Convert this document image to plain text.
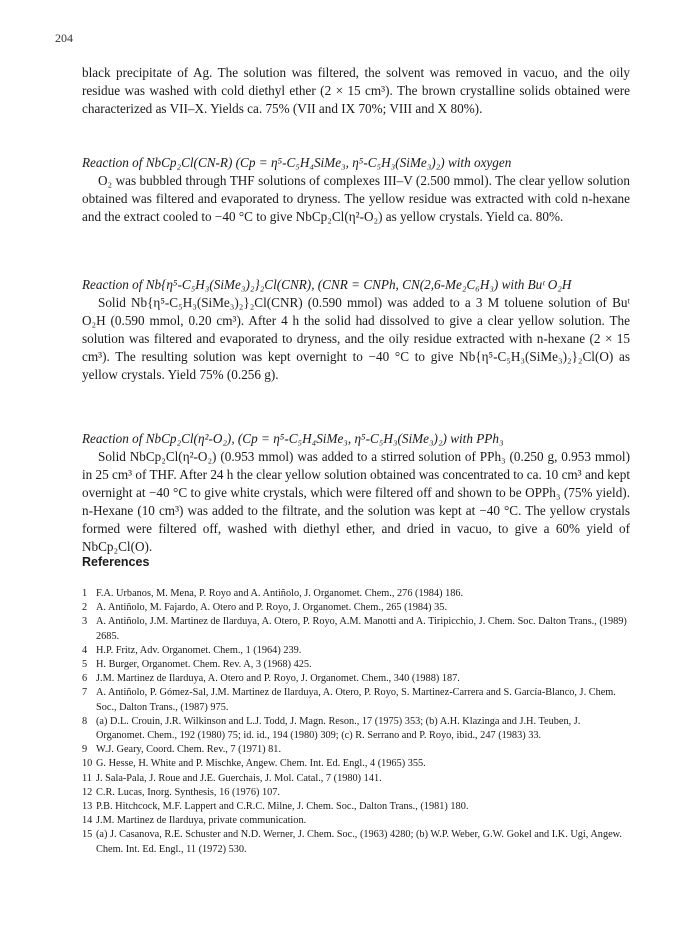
204

black precipitate of Ag. The solution was filtered, the solvent was removed in vacuo, and the oily residue was washed with cold diethyl ether (2 × 15 cm³). The brown crystalline solids obtained were characterized as VII–X. Yields ca. 75% (VII and IX 70%; VIII and X 80%).

Reaction of NbCp₂Cl(CN-R) (Cp = η⁵-C₅H₄SiMe₃, η⁵-C₅H₃(SiMe₃)₂) with oxygen

O₂ was bubbled through THF solutions of complexes III–V (2.500 mmol). The clear yellow solution obtained was filtered and evaporated to dryness. The yellow residue was extracted with cold n-hexane and the extract cooled to −40 °C to give NbCp₂Cl(η²-O₂) as yellow crystals. Yield ca. 80%.

Reaction of Nb{η⁵-C₅H₃(SiMe₃)₂}₂Cl(CNR), (CNR = CNPh, CN(2,6-Me₂C₆H₃) with Buᵗ O₂H

Solid Nb{η⁵-C₅H₃(SiMe₃)₂}₂Cl(CNR) (0.590 mmol) was added to a 3 M toluene solution of Buᵗ O₂H (0.590 mmol, 0.20 cm³). After 4 h the solid had dissolved to give a clear yellow solution. The solution was filtered and evaporated to dryness, and the oily residue extracted with n-hexane (2 × 15 cm³). The resulting solution was kept overnight to −40 °C to give Nb{η⁵-C₅H₃(SiMe₃)₂}₂Cl(O) as yellow crystals. Yield 75% (0.256 g).

Reaction of NbCp₂Cl(η²-O₂), (Cp = η⁵-C₅H₄SiMe₃, η⁵-C₅H₃(SiMe₃)₂) with PPh₃

Solid NbCp₂Cl(η²-O₂) (0.953 mmol) was added to a stirred solution of PPh₃ (0.250 g, 0.953 mmol) in 25 cm³ of THF. After 24 h the clear yellow solution obtained was concentrated to ca. 10 cm³ and kept overnight at −40 °C to give white crystals, which were filtered off and shown to be OPPh₃ (75% yield). n-Hexane (10 cm³) was added to the filtrate, and the solution was kept at −40 °C. The yellow crystals formed were filtered off, washed with diethyl ether, and dried in vacuo, to give a 60% yield of NbCp₂Cl(O).

References
1 F.A. Urbanos, M. Mena, P. Royo and A. Antiñolo, J. Organomet. Chem., 276 (1984) 186.
2 A. Antiñolo, M. Fajardo, A. Otero and P. Royo, J. Organomet. Chem., 265 (1984) 35.
3 A. Antiñolo, J.M. Martinez de Ilarduya, A. Otero, P. Royo, A.M. Manotti and A. Tiripicchio, J. Chem. Soc. Dalton Trans., (1989) 2685.
4 H.P. Fritz, Adv. Organomet. Chem., 1 (1964) 239.
5 H. Burger, Organomet. Chem. Rev. A, 3 (1968) 425.
6 J.M. Martinez de Ilarduya, A. Otero and P. Royo, J. Organomet. Chem., 340 (1988) 187.
7 A. Antiñolo, P. Gómez-Sal, J.M. Martinez de Ilarduya, A. Otero, P. Royo, S. Martinez-Carrera and S. García-Blanco, J. Chem. Soc., Dalton Trans., (1987) 975.
8 (a) D.L. Crouin, J.R. Wilkinson and L.J. Todd, J. Magn. Reson., 17 (1975) 353; (b) A.H. Klazinga and J.H. Teuben, J. Organomet. Chem., 192 (1980) 75; id. id., 194 (1980) 309; (c) R. Serrano and P. Royo, ibid., 247 (1983) 33.
9 W.J. Geary, Coord. Chem. Rev., 7 (1971) 81.
10 G. Hesse, H. White and P. Mischke, Angew. Chem. Int. Ed. Engl., 4 (1965) 355.
11 J. Sala-Pala, J. Roue and J.E. Guerchais, J. Mol. Catal., 7 (1980) 141.
12 C.R. Lucas, Inorg. Synthesis, 16 (1976) 107.
13 P.B. Hitchcock, M.F. Lappert and C.R.C. Milne, J. Chem. Soc., Dalton Trans., (1981) 180.
14 J.M. Martinez de Ilarduya, private communication.
15 (a) J. Casanova, R.E. Schuster and N.D. Werner, J. Chem. Soc., (1963) 4280; (b) W.P. Weber, G.W. Gokel and I.K. Ugi, Angew. Chem. Int. Ed. Engl., 11 (1972) 530.
